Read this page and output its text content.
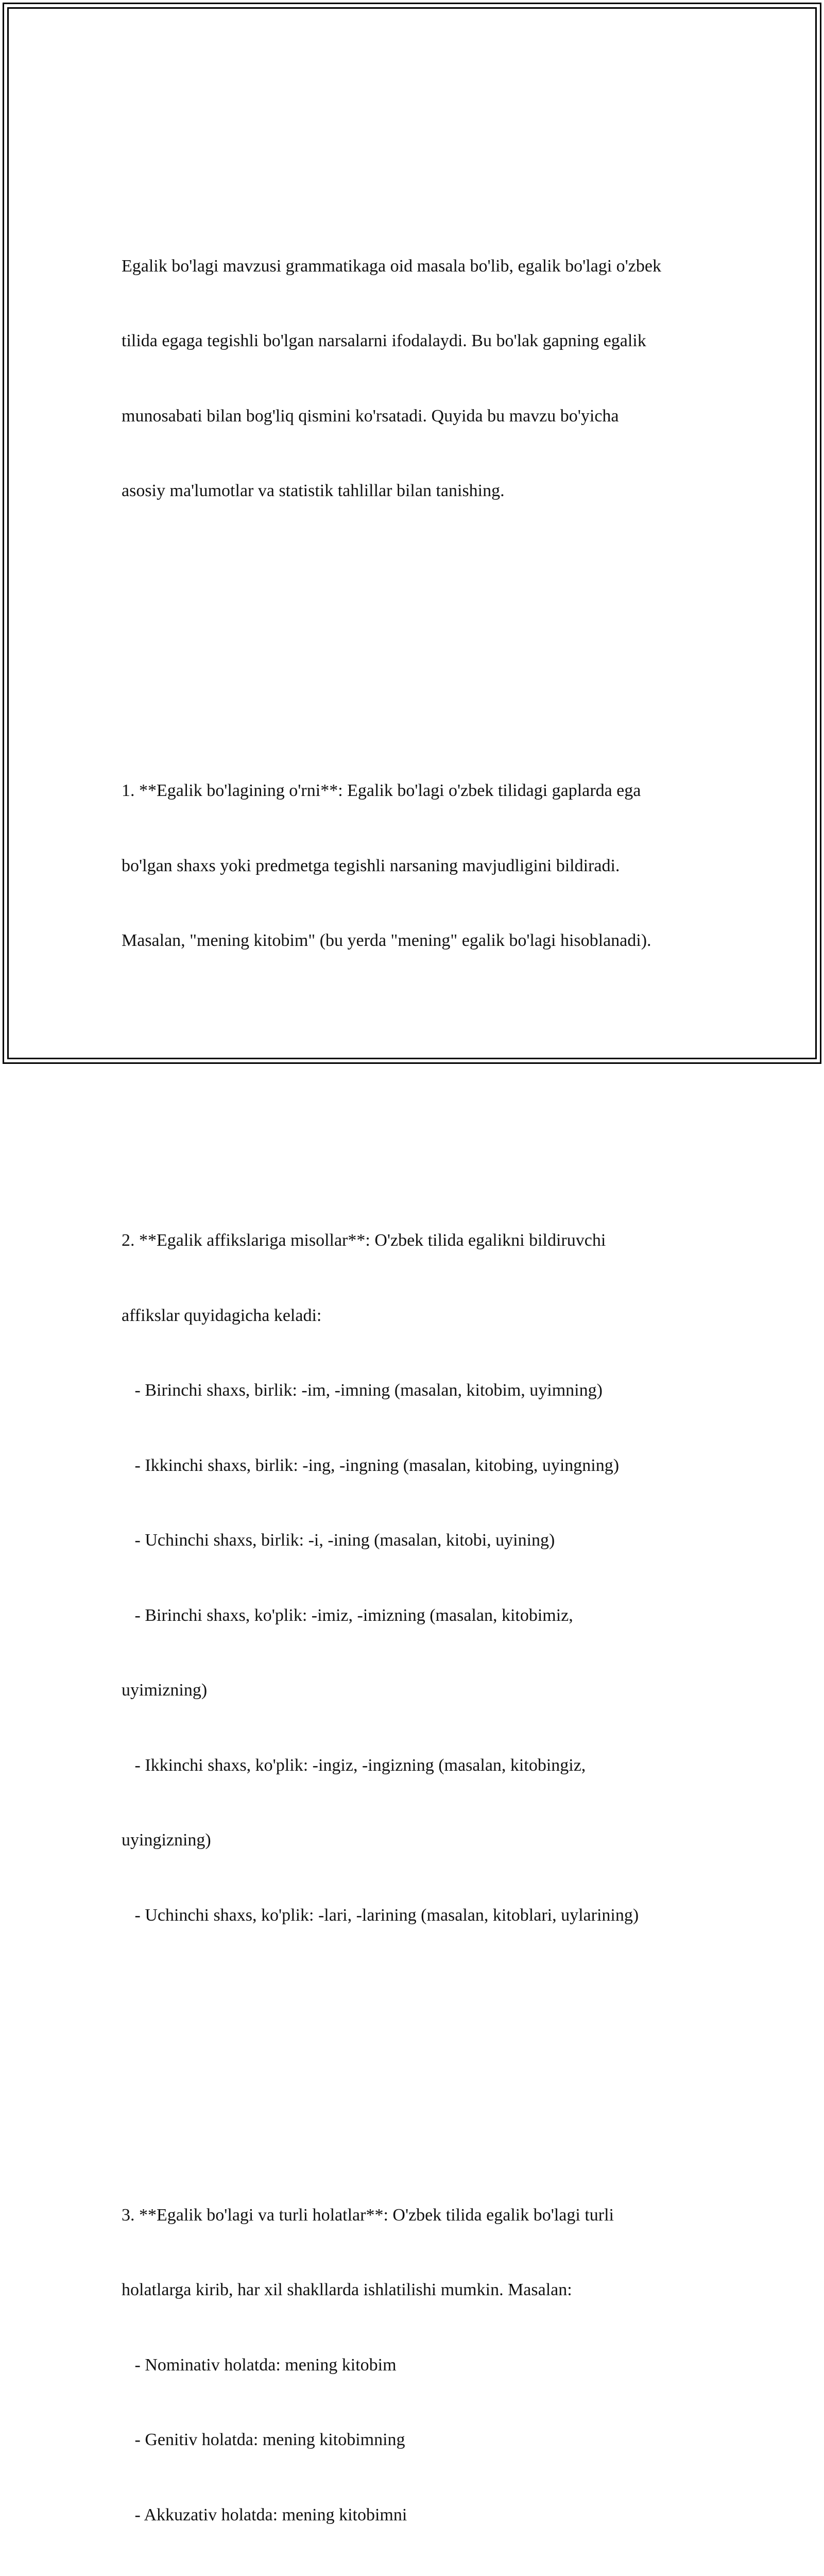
Egalik bo'lagi mavzusi grammatikaga oid masala bo'lib, egalik bo'lagi o'zbek

tilida egaga tegishli bo'lgan narsalarni ifodalaydi. Bu bo'lak gapning egalik

munosabati bilan bog'liq qismini ko'rsatadi. Quyida bu mavzu bo'yicha

asosiy ma'lumotlar va statistik tahlillar bilan tanishing.

1. **Egalik bo'lagining o'rni**: Egalik bo'lagi o'zbek tilidagi gaplarda ega

bo'lgan shaxs yoki predmetga tegishli narsaning mavjudligini bildiradi.

Masalan, "mening kitobim" (bu yerda "mening" egalik bo'lagi hisoblanadi).

2. **Egalik affikslariga misollar**: O'zbek tilida egalikni bildiruvchi

affikslar quyidagicha keladi:

- Birinchi shaxs, birlik: -im, -imning (masalan, kitobim, uyimning)

- Ikkinchi shaxs, birlik: -ing, -ingning (masalan, kitobing, uyingning)

- Uchinchi shaxs, birlik: -i, -ining (masalan, kitobi, uyining)

- Birinchi shaxs, ko'plik: -imiz, -imizning (masalan, kitobimiz,

uyimizning)

- Ikkinchi shaxs, ko'plik: -ingiz, -ingizning (masalan, kitobingiz,

uyingizning)

- Uchinchi shaxs, ko'plik: -lari, -larining (masalan, kitoblari, uylarining)

3. **Egalik bo'lagi va turli holatlar**: O'zbek tilida egalik bo'lagi turli

holatlarga kirib, har xil shakllarda ishlatilishi mumkin. Masalan:

- Nominativ holatda: mening kitobim

- Genitiv holatda: mening kitobimning

- Akkuzativ holatda: mening kitobimni
